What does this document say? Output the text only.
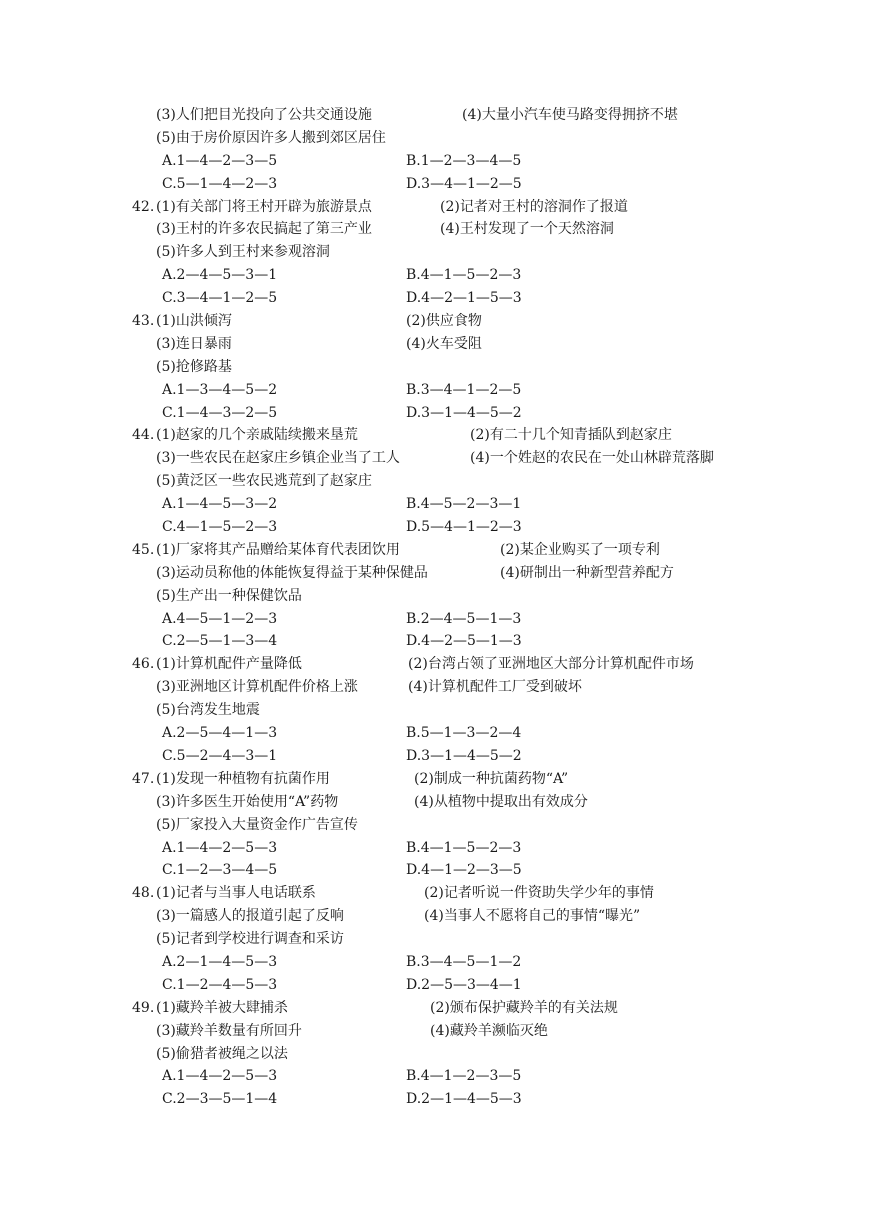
(3)人们把目光投向了公共交通设施	(4)大量小汽车使马路变得拥挤不堪
(5)由于房价原因许多人搬到郊区居住
A.1—4—2—3—5	B.1—2—3—4—5
C.5—1—4—2—3	D.3—4—1—2—5
42. (1)有关部门将王村开辟为旅游景点	(2)记者对王村的溶洞作了报道
(3)王村的许多农民搞起了第三产业	(4)王村发现了一个天然溶洞
(5)许多人到王村来参观溶洞
A.2—4—5—3—1	B.4—1—5—2—3
C.3—4—1—2—5	D.4—2—1—5—3
43. (1)山洪倾泻	(2)供应食物
(3)连日暴雨	(4)火车受阻
(5)抢修路基
A.1—3—4—5—2	B.3—4—1—2—5
C.1—4—3—2—5	D.3—1—4—5—2
44. (1)赵家的几个亲戚陆续搬来垦荒	(2)有二十几个知青插队到赵家庄
(3)一些农民在赵家庄乡镇企业当了工人	(4)一个姓赵的农民在一处山林辟荒落脚
(5)黄泛区一些农民逃荒到了赵家庄
A.1—4—5—3—2	B.4—5—2—3—1
C.4—1—5—2—3	D.5—4—1—2—3
45. (1)厂家将其产品赠给某体育代表团饮用	(2)某企业购买了一项专利
(3)运动员称他的体能恢复得益于某种保健品	(4)研制出一种新型营养配方
(5)生产出一种保健饮品
A.4—5—1—2—3	B.2—4—5—1—3
C.2—5—1—3—4	D.4—2—5—1—3
46. (1)计算机配件产量降低	(2)台湾占领了亚洲地区大部分计算机配件市场
(3)亚洲地区计算机配件价格上涨	(4)计算机配件工厂受到破坏
(5)台湾发生地震
A.2—5—4—1—3	B.5—1—3—2—4
C.5—2—4—3—1	D.3—1—4—5—2
47. (1)发现一种植物有抗菌作用	(2)制成一种抗菌药物“A”
(3)许多医生开始使用“A”药物	(4)从植物中提取出有效成分
(5)厂家投入大量资金作广告宣传
A.1—4—2—5—3	B.4—1—5—2—3
C.1—2—3—4—5	D.4—1—2—3—5
48. (1)记者与当事人电话联系	(2)记者听说一件资助失学少年的事情
(3)一篇感人的报道引起了反响	(4)当事人不愿将自己的事情“曝光”
(5)记者到学校进行调查和采访
A.2—1—4—5—3	B.3—4—5—1—2
C.1—2—4—5—3	D.2—5—3—4—1
49. (1)藏羚羊被大肆捕杀	(2)颁布保护藏羚羊的有关法规
(3)藏羚羊数量有所回升	(4)藏羚羊濒临灭绝
(5)偷猎者被绳之以法
A.1—4—2—5—3	B.4—1—2—3—5
C.2—3—5—1—4	D.2—1—4—5—3
